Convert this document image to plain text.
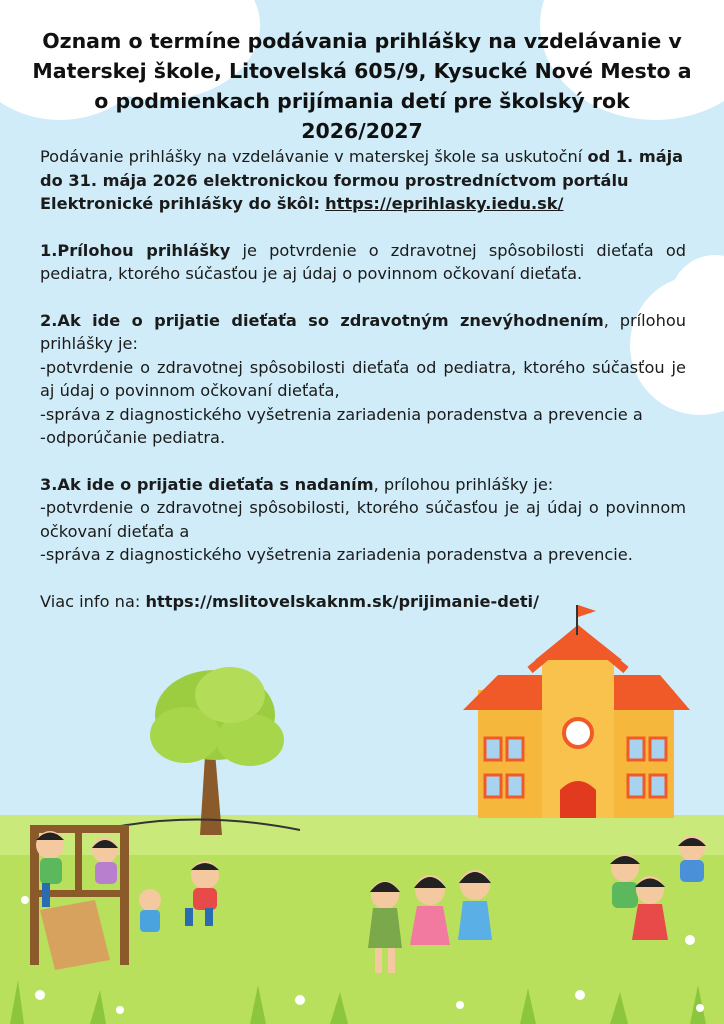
Oznam o termíne podávania prihlášky na vzdelávanie v Materskej škole, Litovelská 605/9, Kysucké Nové Mesto a o podmienkach prijímania detí pre školský rok 2026/2027

Podávanie prihlášky na vzdelávanie v materskej škole sa uskutoční od 1. mája do 31. mája 2026 elektronickou formou prostredníctvom portálu Elektronické prihlášky do škôl: https://eprihlasky.iedu.sk/

1.Prílohou prihlášky je potvrdenie o zdravotnej spôsobilosti dieťaťa od pediatra, ktorého súčasťou je aj údaj o povinnom očkovaní dieťaťa.

2.Ak ide o prijatie dieťaťa so zdravotným znevýhodnením, prílohou prihlášky je:

-potvrdenie o zdravotnej spôsobilosti dieťaťa od pediatra, ktorého súčasťou je aj údaj o povinnom očkovaní dieťaťa,

-správa z diagnostického vyšetrenia zariadenia poradenstva a prevencie a

-odporúčanie pediatra.

3.Ak ide o prijatie dieťaťa s nadaním, prílohou prihlášky je:

-potvrdenie o zdravotnej spôsobilosti, ktorého súčasťou je aj údaj o povinnom očkovaní dieťaťa a

-správa z diagnostického vyšetrenia zariadenia poradenstva a prevencie.

Viac info na: https://mslitovelskaknm.sk/prijimanie-deti/
